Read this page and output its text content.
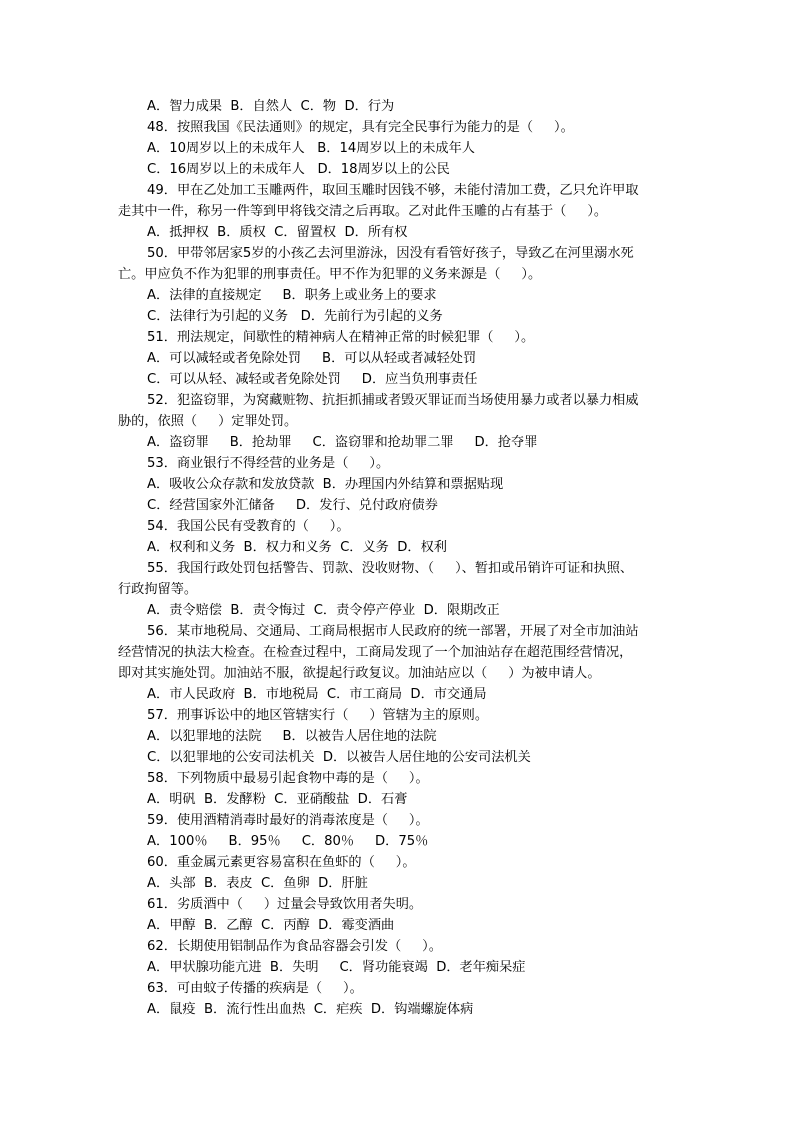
A．智力成果  B．自然人  C．物  D．行为

48．按照我国《民法通则》的规定，具有完全民事行为能力的是（     ）。

A．10周岁以上的未成年人   B．14周岁以上的未成年人

C．16周岁以上的未成年人   D．18周岁以上的公民

49．甲在乙处加工玉雕两件，取回玉雕时因钱不够，未能付清加工费，乙只允许甲取

走其中一件，称另一件等到甲将钱交清之后再取。乙对此件玉雕的占有基于（     ）。

A．抵押权  B．质权  C．留置权  D．所有权

50．甲带邻居家5岁的小孩乙去河里游泳，因没有看管好孩子，导致乙在河里溺水死

亡。甲应负不作为犯罪的刑事责任。甲不作为犯罪的义务来源是（     ）。

A．法律的直接规定     B．职务上或业务上的要求

C．法律行为引起的义务   D．先前行为引起的义务

51．刑法规定，间歇性的精神病人在精神正常的时候犯罪（     ）。

A．可以减轻或者免除处罚     B．可以从轻或者减轻处罚

C．可以从轻、减轻或者免除处罚     D．应当负刑事责任

52．犯盗窃罪，为窝藏赃物、抗拒抓捕或者毁灭罪证而当场使用暴力或者以暴力相威

胁的，依照（     ）定罪处罚。

A．盗窃罪     B．抢劫罪     C．盗窃罪和抢劫罪二罪     D．抢夺罪

53．商业银行不得经营的业务是（     ）。

A．吸收公众存款和发放贷款  B．办理国内外结算和票据贴现

C．经营国家外汇储备     D．发行、兑付政府债券

54．我国公民有受教育的（     ）。

A．权利和义务  B．权力和义务  C．义务  D．权利

55．我国行政处罚包括警告、罚款、没收财物、（     ）、暂扣或吊销许可证和执照、

行政拘留等。

A．责令赔偿  B．责令悔过  C．责令停产停业  D．限期改正

56．某市地税局、交通局、工商局根据市人民政府的统一部署，开展了对全市加油站

经营情况的执法大检查。在检查过程中，工商局发现了一个加油站存在超范围经营情况，

即对其实施处罚。加油站不服，欲提起行政复议。加油站应以（     ）为被申请人。

A．市人民政府  B．市地税局  C．市工商局  D．市交通局

57．刑事诉讼中的地区管辖实行（     ）管辖为主的原则。

A．以犯罪地的法院     B．以被告人居住地的法院

C．以犯罪地的公安司法机关  D．以被告人居住地的公安司法机关

58．下列物质中最易引起食物中毒的是（     ）。

A．明矾  B．发酵粉  C．亚硝酸盐  D．石膏

59．使用酒精消毒时最好的消毒浓度是（     ）。

A．100％     B．95％     C．80％     D．75％

60．重金属元素更容易富积在鱼虾的（     ）。

A．头部  B．表皮  C．鱼卵  D．肝脏

61．劣质酒中（     ）过量会导致饮用者失明。

A．甲醇  B．乙醇  C．丙醇  D．霉变酒曲

62．长期使用铝制品作为食品容器会引发（     ）。

A．甲状腺功能亢进  B．失明     C．肾功能衰竭  D．老年痴呆症

63．可由蚊子传播的疾病是（     ）。

A．鼠疫  B．流行性出血热  C．疟疾  D．钩端螺旋体病
